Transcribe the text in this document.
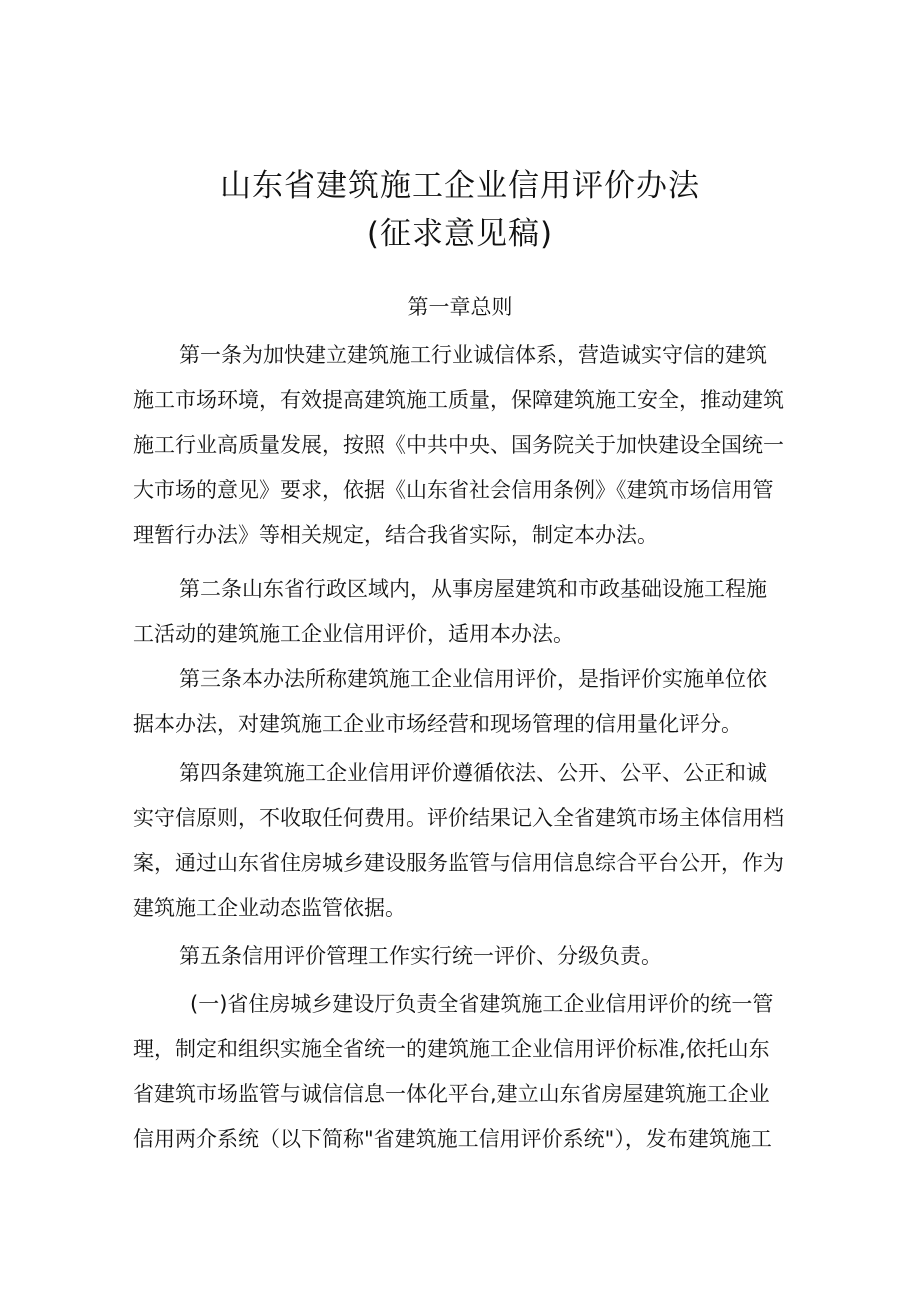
山东省建筑施工企业信用评价办法
(征求意见稿)
第一章总则
第一条为加快建立建筑施工行业诚信体系，营造诚实守信的建筑
施工市场环境，有效提高建筑施工质量，保障建筑施工安全，推动建筑
施工行业高质量发展，按照《中共中央、国务院关于加快建设全国统一
大市场的意见》要求，依据《山东省社会信用条例》《建筑市场信用管
理暂行办法》等相关规定，结合我省实际，制定本办法。
第二条山东省行政区域内，从事房屋建筑和市政基础设施工程施
工活动的建筑施工企业信用评价，适用本办法。
第三条本办法所称建筑施工企业信用评价，是指评价实施单位依
据本办法，对建筑施工企业市场经营和现场管理的信用量化评分。
第四条建筑施工企业信用评价遵循依法、公开、公平、公正和诚
实守信原则，不收取任何费用。评价结果记入全省建筑市场主体信用档
案，通过山东省住房城乡建设服务监管与信用信息综合平台公开，作为
建筑施工企业动态监管依据。
第五条信用评价管理工作实行统一评价、分级负责。
(一)省住房城乡建设厅负责全省建筑施工企业信用评价的统一管
理，制定和组织实施全省统一的建筑施工企业信用评价标准,依托山东
省建筑市场监管与诚信信息一体化平台,建立山东省房屋建筑施工企业
信用两介系统（以下简称"省建筑施工信用评价系统"），发布建筑施工
